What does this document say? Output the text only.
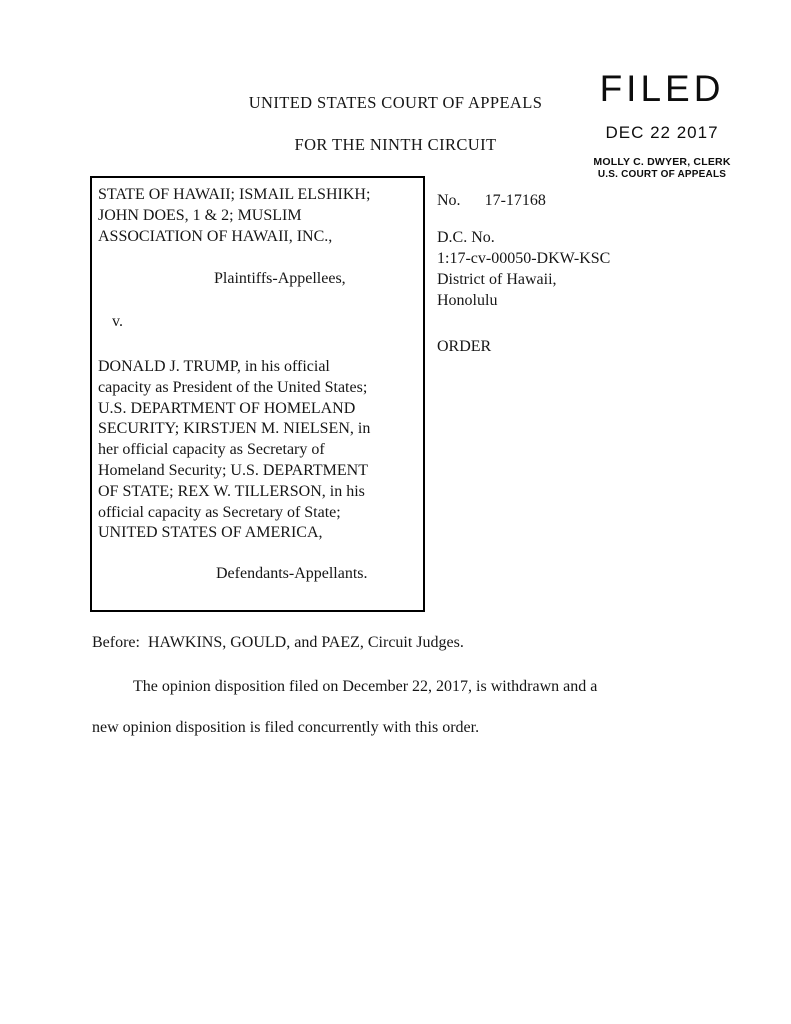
UNITED STATES COURT OF APPEALS
FOR THE NINTH CIRCUIT
FILED
DEC 22 2017
MOLLY C. DWYER, CLERK
U.S. COURT OF APPEALS
STATE OF HAWAII; ISMAIL ELSHIKH;
JOHN DOES, 1 & 2; MUSLIM
ASSOCIATION OF HAWAII, INC.,
Plaintiffs-Appellees,
v.
DONALD J. TRUMP, in his official
capacity as President of the United States;
U.S. DEPARTMENT OF HOMELAND
SECURITY; KIRSTJEN M. NIELSEN, in
her official capacity as Secretary of
Homeland Security; U.S. DEPARTMENT
OF STATE; REX W. TILLERSON, in his
official capacity as Secretary of State;
UNITED STATES OF AMERICA,
Defendants-Appellants.
No. 17-17168
D.C. No.
1:17-cv-00050-DKW-KSC
District of Hawaii,
Honolulu
ORDER
Before:  HAWKINS, GOULD, and PAEZ, Circuit Judges.
The opinion disposition filed on December 22, 2017, is withdrawn and a
new opinion disposition is filed concurrently with this order.
